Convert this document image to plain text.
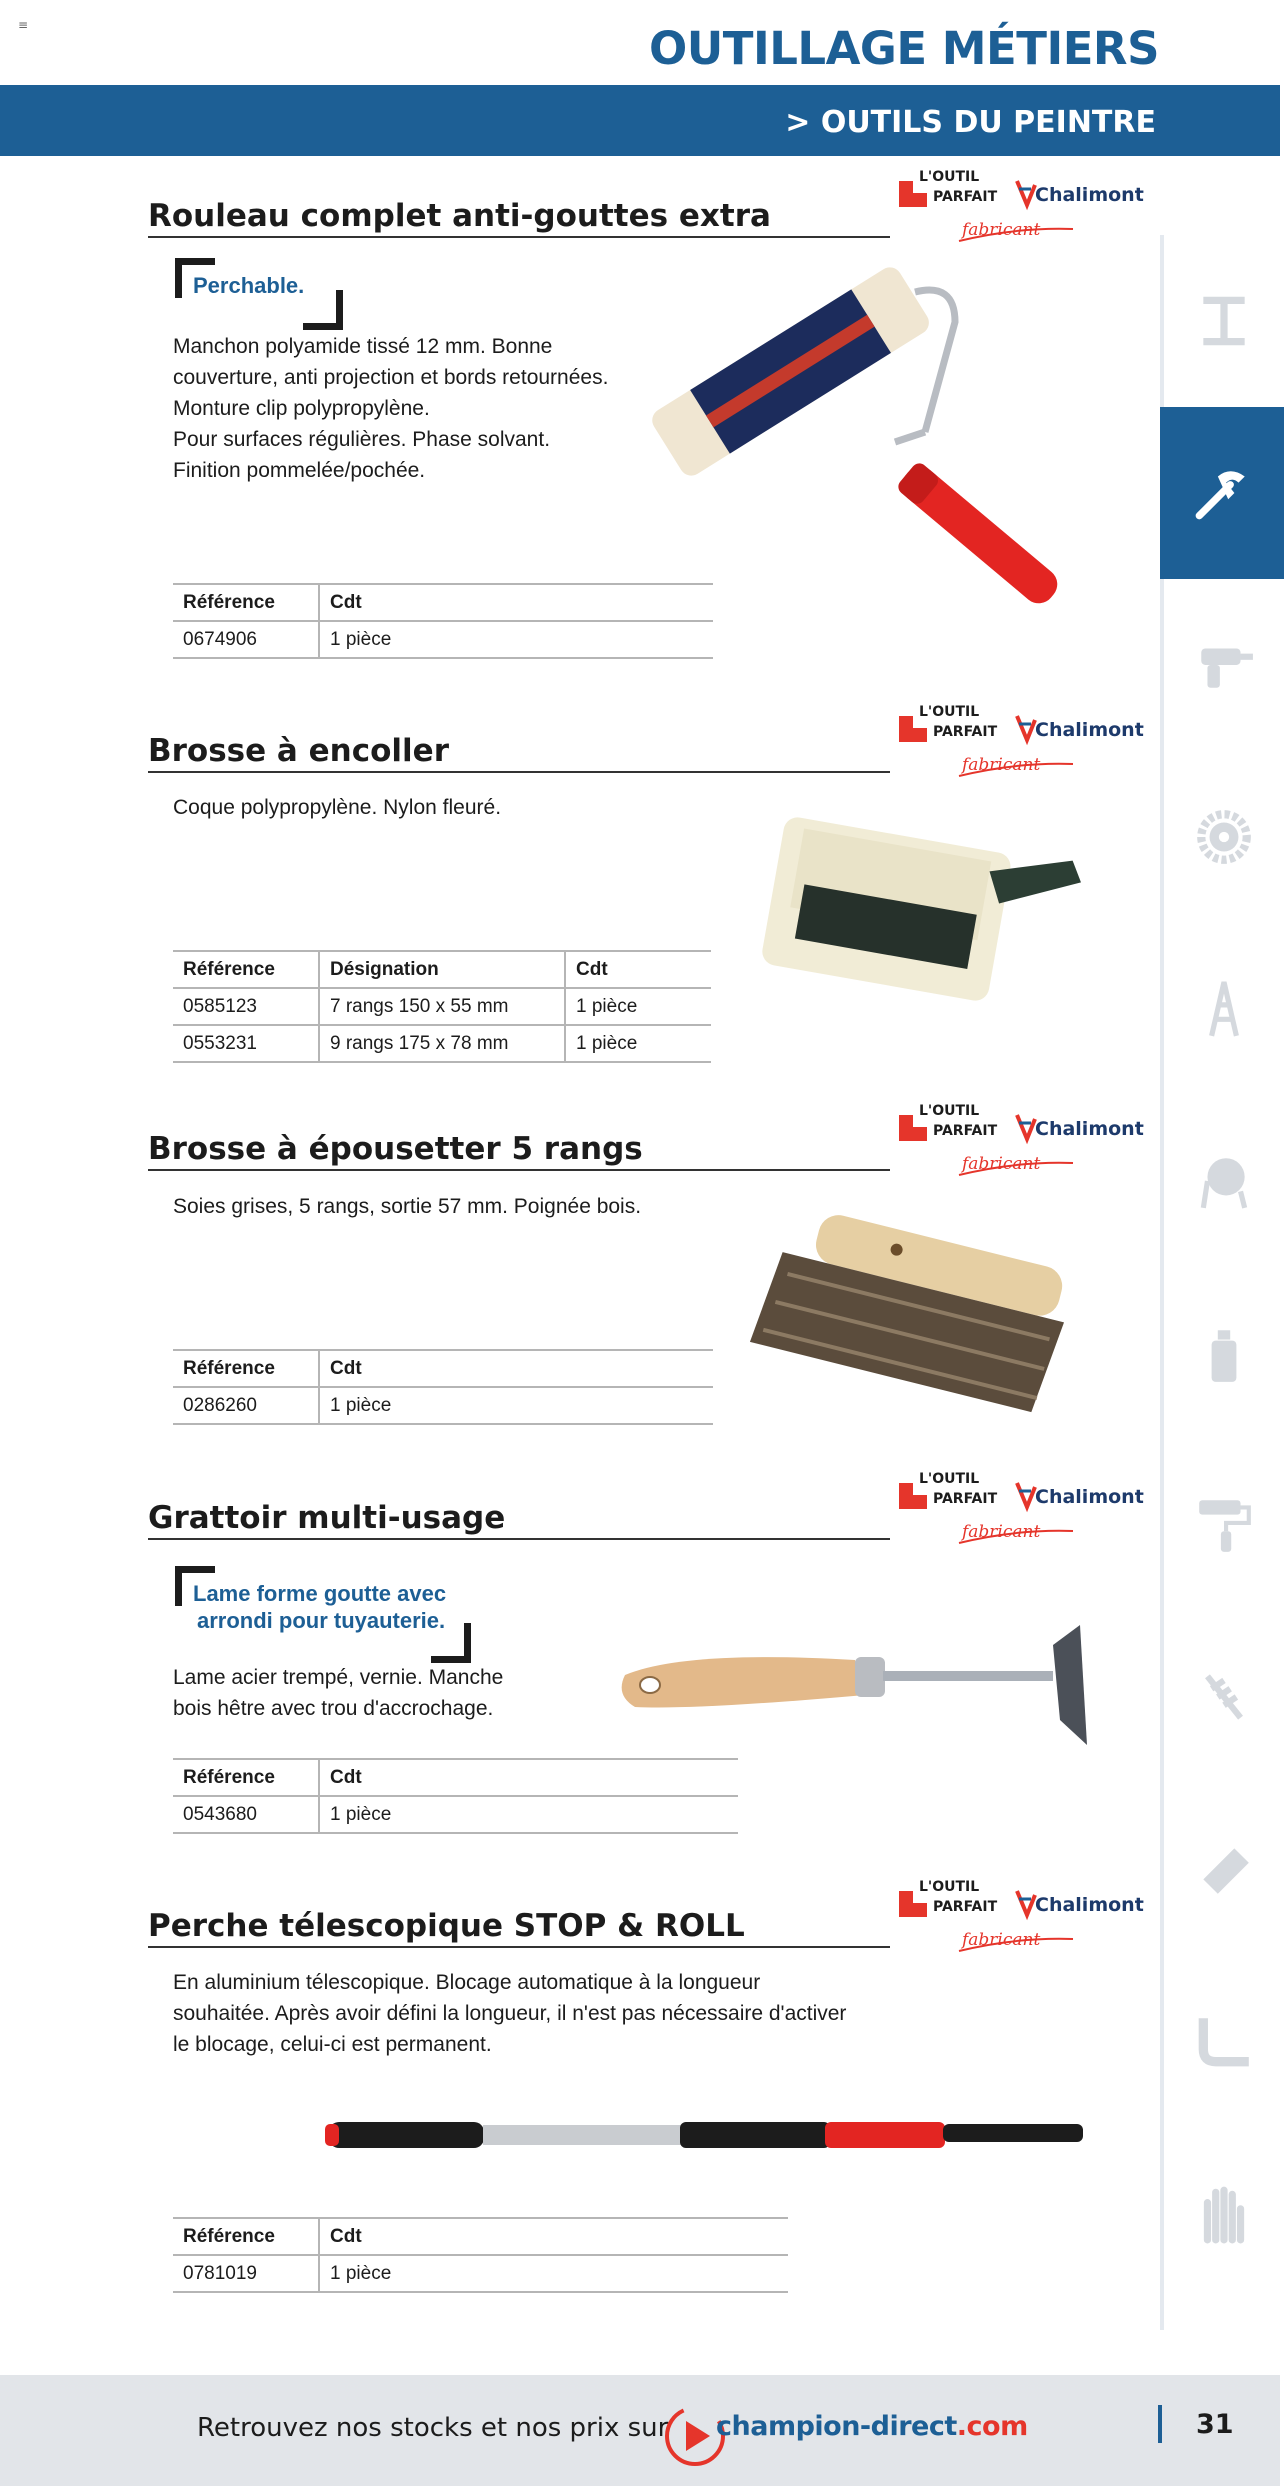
≡	OUTILLAGE MÉTIERS
> OUTILS DU PEINTRE
L'OUTIL
PARFAIT Chalimont
fabricant
Rouleau complet anti-gouttes extra
Perchable.
Manchon polyamide tissé 12 mm. Bonne
couverture, anti projection et bords retournées.
Monture clip polypropylène.
Pour surfaces régulières. Phase solvant.
Finition pommelée/pochée.
Référence	Cdt
0674906	1 pièce
L'OUTIL
PARFAIT Chalimont
fabricant
Brosse à encoller
Coque polypropylène. Nylon fleuré.
Référence	Désignation	Cdt
0585123	7 rangs 150 x 55 mm	1 pièce
0553231	9 rangs 175 x 78 mm	1 pièce
L'OUTIL
PARFAIT Chalimont
fabricant
Brosse à épousetter 5 rangs
Soies grises, 5 rangs, sortie 57 mm. Poignée bois.
Référence	Cdt
0286260	1 pièce
L'OUTIL
PARFAIT Chalimont
fabricant
Grattoir multi-usage
Lame forme goutte avec
arrondi pour tuyauterie.
Lame acier trempé, vernie. Manche
bois hêtre avec trou d'accrochage.
Référence	Cdt
0543680	1 pièce
L'OUTIL
PARFAIT Chalimont
fabricant
Perche télescopique STOP & ROLL
En aluminium télescopique. Blocage automatique à la longueur
souhaitée. Après avoir défini la longueur, il n'est pas nécessaire d'activer
le blocage, celui-ci est permanent.
Référence	Cdt
0781019	1 pièce
Retrouvez nos stocks et nos prix sur champion-direct.com	31
